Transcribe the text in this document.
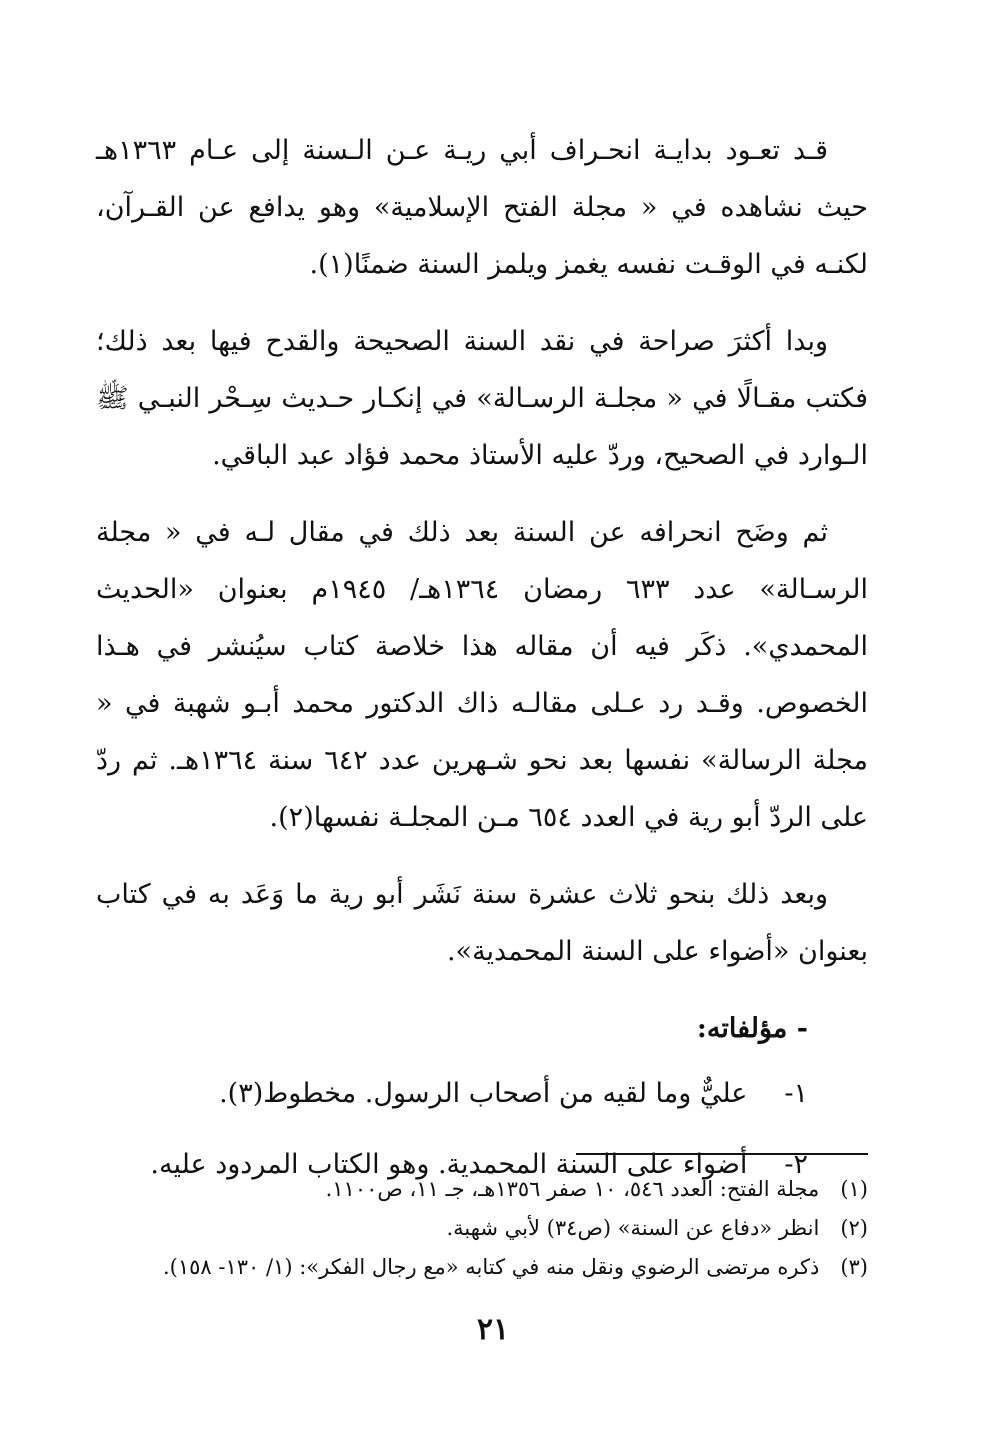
قـد تعـود بدايـة انحـراف أبي ريـة عـن الـسنة إلى عـام ١٣٦٣هـ حيث نشاهده في « مجلة الفتح الإسلامية» وهو يدافع عن القـرآن، لكنـه في الوقـت نفسه يغمز ويلمز السنة ضمنًا(١).

وبدا أكثرَ صراحة في نقد السنة الصحيحة والقدح فيها بعد ذلك؛ فكتب مقـالًا في « مجلـة الرسـالة» في إنكـار حـديث سِـحْر النبـي ﷺ الـوارد في الصحيح، وردّ عليه الأستاذ محمد فؤاد عبد الباقي.

ثم وضَح انحرافه عن السنة بعد ذلك في مقال لـه في « مجلة الرسـالة» عدد ٦٣٣ رمضان ١٣٦٤هـ/ ١٩٤٥م بعنوان «الحديث المحمدي». ذكَر فيه أن مقاله هذا خلاصة كتاب سيُنشر في هـذا الخصوص. وقـد رد عـلى مقالـه ذاك الدكتور محمد أبـو شهبة في « مجلة الرسالة» نفسها بعد نحو شـهرين عدد ٦٤٢ سنة ١٣٦٤هـ. ثم ردّ على الردّ أبو رية في العدد ٦٥٤ مـن المجلـة نفسها(٢).

وبعد ذلك بنحو ثلاث عشرة سنة نَشَر أبو رية ما وَعَد به في كتاب بعنوان «أضواء على السنة المحمدية».

- مؤلفاته:
١- عليٌّ وما لقيه من أصحاب الرسول. مخطوط(٣).
٢- أضواء على السنة المحمدية. وهو الكتاب المردود عليه.

(١) مجلة الفتح: العدد ٥٤٦، ١٠ صفر ١٣٥٦هـ، جـ ١١، ص١١٠٠.

(٢) انظر «دفاع عن السنة» (ص٣٤) لأبي شهبة.

(٣) ذكره مرتضى الرضوي ونقل منه في كتابه «مع رجال الفكر»: (١/ ١٣٠- ١٥٨).

٢١
